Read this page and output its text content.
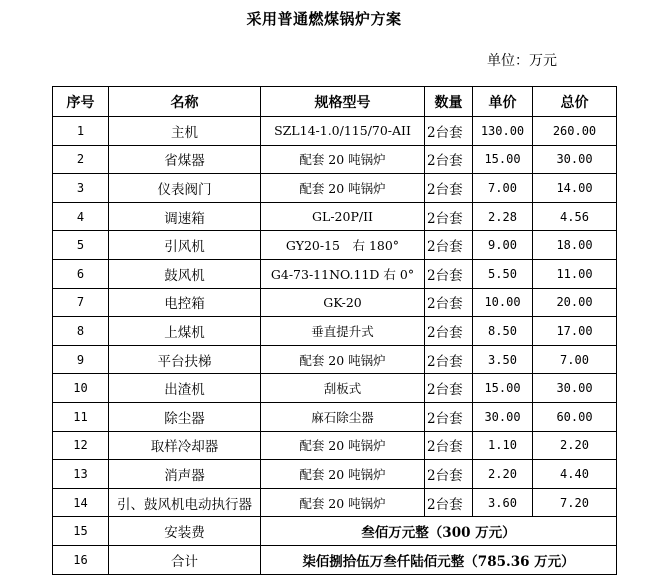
采用普通燃煤锅炉方案
单位：万元
序号	名称	规格型号	数量	单价	总价
1	主机	SZL14-1.0/115/70-AII	2台套	130.00	260.00
2	省煤器	配套 20 吨锅炉	2台套	15.00	30.00
3	仪表阀门	配套 20 吨锅炉	2台套	7.00	14.00
4	调速箱	GL-20P/II	2台套	2.28	4.56
5	引风机	GY20-15　右 180°	2台套	9.00	18.00
6	鼓风机	G4-73-11NO.11D 右 0°	2台套	5.50	11.00
7	电控箱	GK-20	2台套	10.00	20.00
8	上煤机	垂直提升式	2台套	8.50	17.00
9	平台扶梯	配套 20 吨锅炉	2台套	3.50	7.00
10	出渣机	刮板式	2台套	15.00	30.00
11	除尘器	麻石除尘器	2台套	30.00	60.00
12	取样冷却器	配套 20 吨锅炉	2台套	1.10	2.20
13	消声器	配套 20 吨锅炉	2台套	2.20	4.40
14	引、鼓风机电动执行器	配套 20 吨锅炉	2台套	3.60	7.20
15	安装费	叁佰万元整（300 万元）			
16	合计	柒佰捌拾伍万叁仟陆佰元整（785.36 万元）			
